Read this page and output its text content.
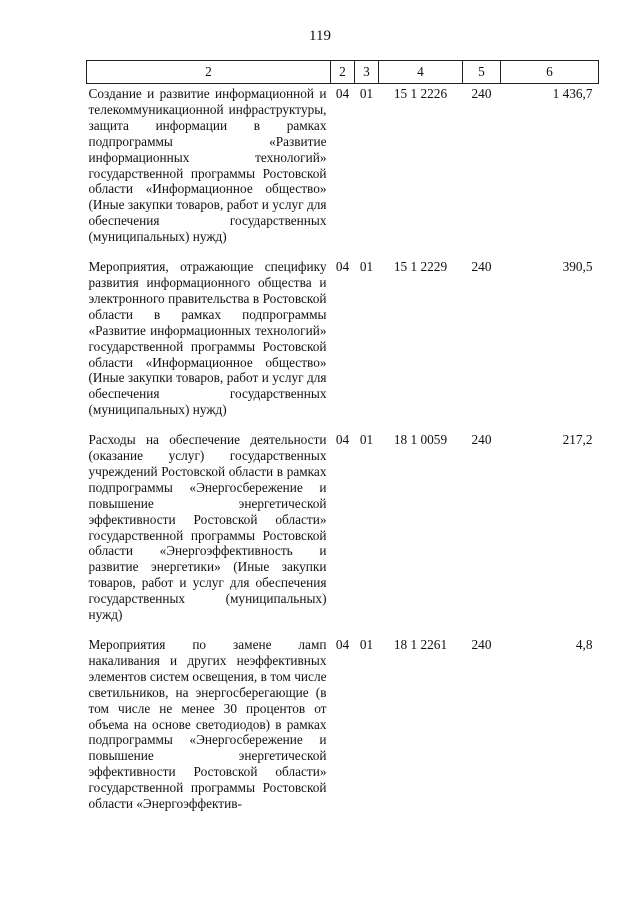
119
2	2	3	4	5	6

Создание и развитие информационной и телекоммуникационной инфраструктуры, защита информации в рамках подпрограммы «Развитие информационных технологий» государственной программы Ростовской области «Информационное общество» (Иные закупки товаров, работ и услуг для обеспечения государственных (муниципальных) нужд)	04	01	15 1 2226	240	1 436,7

Мероприятия, отражающие специфику развития информационного общества и электронного правительства в Ростовской области в рамках подпрограммы «Развитие информационных технологий» государственной программы Ростовской области «Информационное общество» (Иные закупки товаров, работ и услуг для обеспечения государственных (муниципальных) нужд)	04	01	15 1 2229	240	390,5

Расходы на обеспечение деятельности (оказание услуг) государственных учреждений Ростовской области в рамках подпрограммы «Энергосбережение и повышение энергетической эффективности Ростовской области» государственной программы Ростовской области «Энергоэффективность и развитие энергетики» (Иные закупки товаров, работ и услуг для обеспечения государственных (муниципальных) нужд)	04	01	18 1 0059	240	217,2

Мероприятия по замене ламп накаливания и других неэффективных элементов систем освещения, в том числе светильников, на энергосберегающие (в том числе не менее 30 процентов от объема на основе светодиодов) в рамках подпрограммы «Энергосбережение и повышение энергетической эффективности Ростовской области» государственной программы Ростовской области «Энергоэффектив-	04	01	18 1 2261	240	4,8
